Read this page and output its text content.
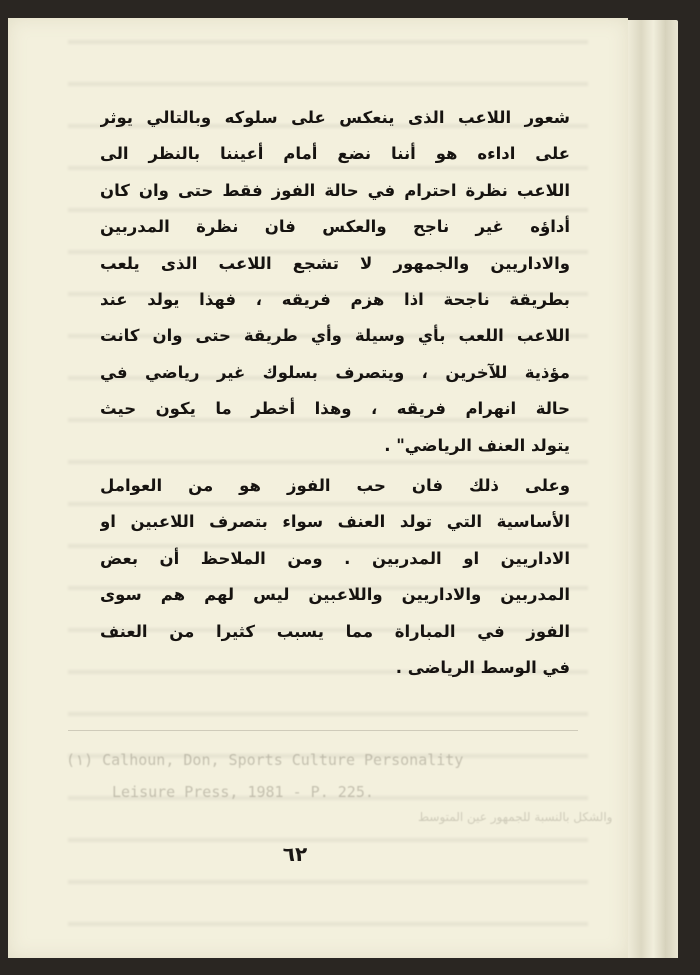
(١) Calhoun, Don, Sports Culture Personality
Leisure Press, 1981 - P. 225.
والشكل بالنسبة للجمهور عين المتوسط
شعور اللاعب الذى ينعكس على سلوكه وبالتالي يوثر
على اداءه هو أننا نضع أمام أعيننا بالنظر الى
اللاعب نظرة احترام في حالة الفوز فقط حتى وان كان
أداؤه غير ناجح والعكس فان نظرة المدربين
والاداريين والجمهور لا تشجع اللاعب الذى يلعب
بطريقة ناجحة اذا هزم فريقه ، فهذا يولد عند
اللاعب اللعب بأي وسيلة وأي طريقة حتى وان كانت
مؤذية للآخرين ، ويتصرف بسلوك غير رياضي في
حالة انهرام فريقه ، وهذا أخطر ما يكون حيث
يتولد العنف الرياضي" .
وعلى ذلك فان حب الفوز هو من العوامل
الأساسية التي تولد العنف سواء بتصرف اللاعبين او
الاداريين او المدربين . ومن الملاحظ أن بعض
المدربين والاداريين واللاعبين ليس لهم هم سوى
الفوز في المباراة مما يسبب كثيرا من العنف
في الوسط الرياضى .
٦٢
